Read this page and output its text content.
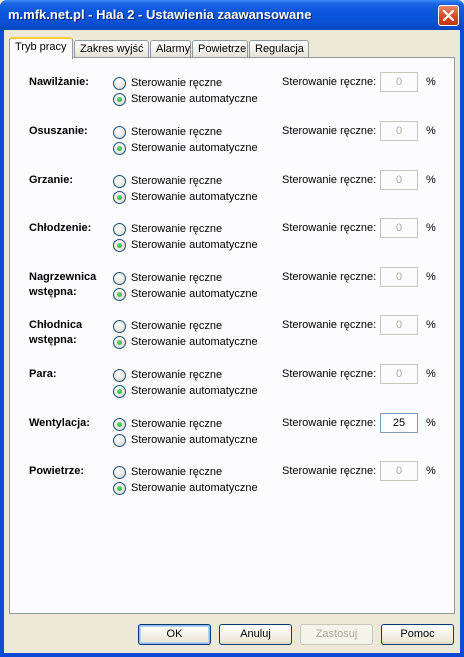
m.mfk.net.pl - Hala 2 - Ustawienia zaawansowane
Tryb pracy	Zakres wyjść	Alarmy Powietrze Regulacja
Nawilżanie:	Sterowanie ręczne
Sterowanie automatyczne
Sterowanie ręczne:	0	%
Osuszanie:	Sterowanie ręczne
Sterowanie automatyczne
Sterowanie ręczne:	0	%
Grzanie:	Sterowanie ręczne
Sterowanie automatyczne
Sterowanie ręczne:	0	%
Chłodzenie:	Sterowanie ręczne
Sterowanie automatyczne
Sterowanie ręczne:	0	%
Nagrzewnica wstępna:
Sterowanie ręczne
Sterowanie automatyczne
Sterowanie ręczne:	0	%
Chłodnica wstępna:
Sterowanie ręczne
Sterowanie automatyczne
Sterowanie ręczne:	0	%
Para:	Sterowanie ręczne
Sterowanie automatyczne
Sterowanie ręczne:	0	%
Wentylacja:	Sterowanie ręczne
Sterowanie automatyczne
Sterowanie ręczne:	25	%
Powietrze:	Sterowanie ręczne
Sterowanie automatyczne
Sterowanie ręczne:	0	%
OK	Anuluj	Zastosuj	Pomoc
